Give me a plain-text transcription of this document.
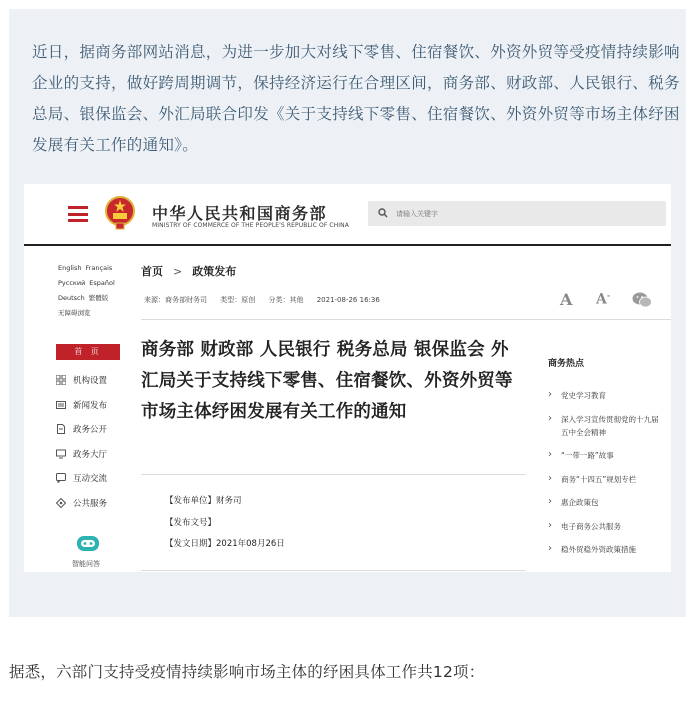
近日，据商务部网站消息，为进一步加大对线下零售、住宿餐饮、外资外贸等受疫情持续影响企业的支持，做好跨周期调节，保持经济运行在合理区间，商务部、财政部、人民银行、税务总局、银保监会、外汇局联合印发《关于支持线下零售、住宿餐饮、外资外贸等市场主体纾困发展有关工作的通知》。

中华人民共和国商务部
MINISTRY OF COMMERCE OF THE PEOPLE'S REPUBLIC OF CHINA
请输入关键字
English Français
Русский Español
Deutsch 繁體版
无障碍浏览
首 页
机构设置
新闻发布
政务公开
政务大厅
互动交流
公共服务
智能问答
首页 > 政策发布
来源：商务部财务司 类型：原创 分类：其他 2021-08-26 16:36	A A-
商务部 财政部 人民银行 税务总局 银保监会 外汇局关于支持线下零售、住宿餐饮、外资外贸等市场主体纾困发展有关工作的通知
【发布单位】财务司
【发布文号】
【发文日期】2021年08月26日
商务热点
› 党史学习教育
› 深入学习宣传贯彻党的十九届五中全会精神
› “一带一路”故事
› 商务“十四五”规划专栏
› 惠企政策包
› 电子商务公共服务
› 稳外贸稳外资政策措施

据悉，六部门支持受疫情持续影响市场主体的纾困具体工作共12项：
